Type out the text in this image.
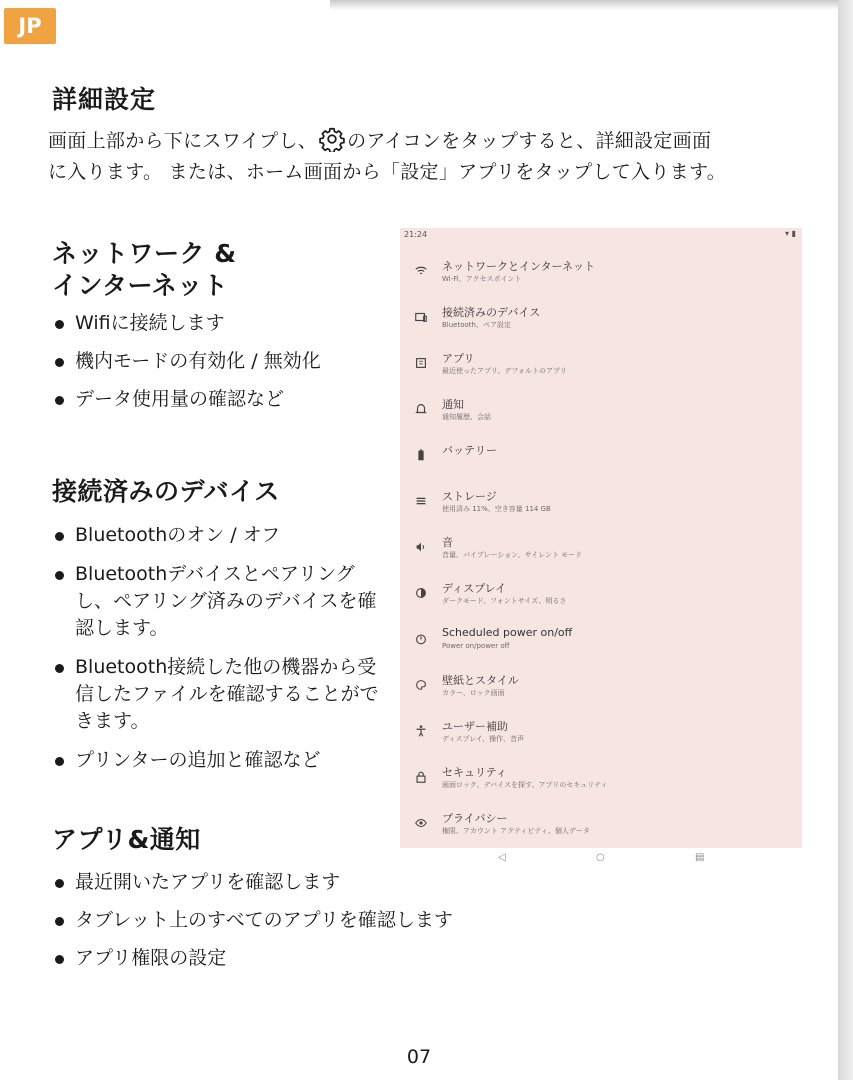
JP
詳細設定
画面上部から下にスワイプし、 のアイコンをタップすると、詳細設定画面
に入ります。 または、ホーム画面から「設定」アプリをタップして入ります。
ネットワーク &
インターネット
Wifiに接続します
機内モードの有効化 / 無効化
データ使用量の確認など
接続済みのデバイス
Bluetoothのオン / オフ
Bluetoothデバイスとペアリングし、ペアリング済みのデバイスを確認します。
Bluetooth接続した他の機器から受信したファイルを確認することができます。
プリンターの追加と確認など
アプリ&通知
最近開いたアプリを確認します
タブレット上のすべてのアプリを確認します
アプリ権限の設定
21:24	▾ ▮
ネットワークとインターネット
Wi-Fi、アクセスポイント
接続済みのデバイス
Bluetooth、ペア設定
アプリ
最近使ったアプリ、デフォルトのアプリ
通知
通知履歴、会話
バッテリー
ストレージ
使用済み 11%、空き容量 114 GB
音
音量、バイブレーション、サイレント モード
ディスプレイ
ダークモード、フォントサイズ、明るさ
Scheduled power on/off
Power on/power off
壁紙とスタイル
カラー、ロック画面
ユーザー補助
ディスプレイ、操作、音声
セキュリティ
画面ロック、デバイスを探す、アプリのセキュリティ
プライバシー
権限、アカウント アクティビティ、個人データ
◁	○	▤
07
